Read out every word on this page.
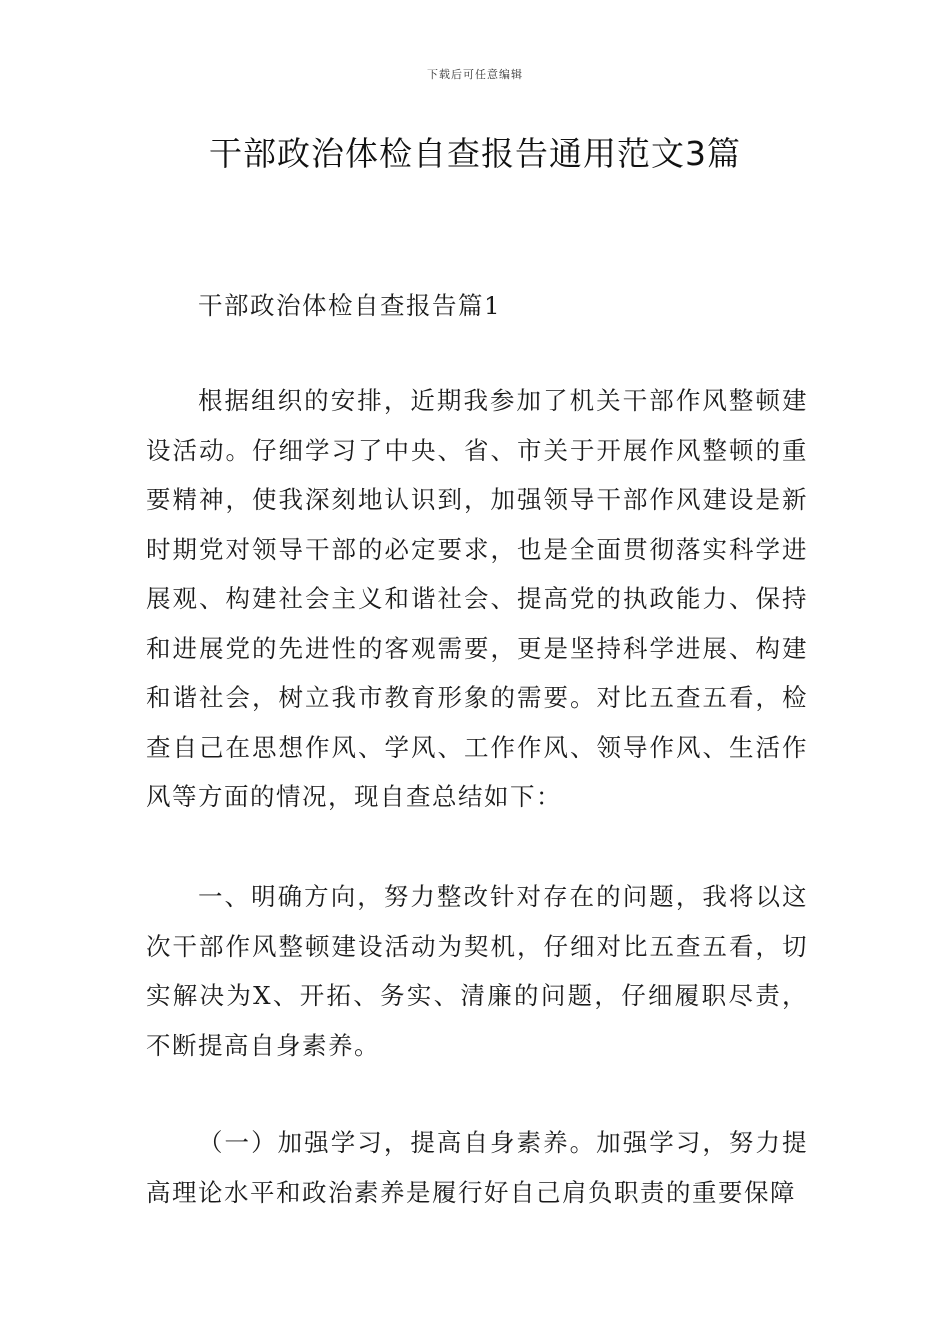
下载后可任意编辑
干部政治体检自查报告通用范文3篇

干部政治体检自查报告篇1

根据组织的安排，近期我参加了机关干部作风整顿建设活动。仔细学习了中央、省、市关于开展作风整顿的重要精神，使我深刻地认识到，加强领导干部作风建设是新时期党对领导干部的必定要求，也是全面贯彻落实科学进展观、构建社会主义和谐社会、提高党的执政能力、保持和进展党的先进性的客观需要，更是坚持科学进展、构建和谐社会，树立我市教育形象的需要。对比五查五看，检查自己在思想作风、学风、工作作风、领导作风、生活作风等方面的情况，现自查总结如下：

一、明确方向，努力整改针对存在的问题，我将以这次干部作风整顿建设活动为契机，仔细对比五查五看，切实解决为X、开拓、务实、清廉的问题，仔细履职尽责，不断提高自身素养。

（一）加强学习，提高自身素养。加强学习，努力提高理论水平和政治素养是履行好自己肩负职责的重要保障
